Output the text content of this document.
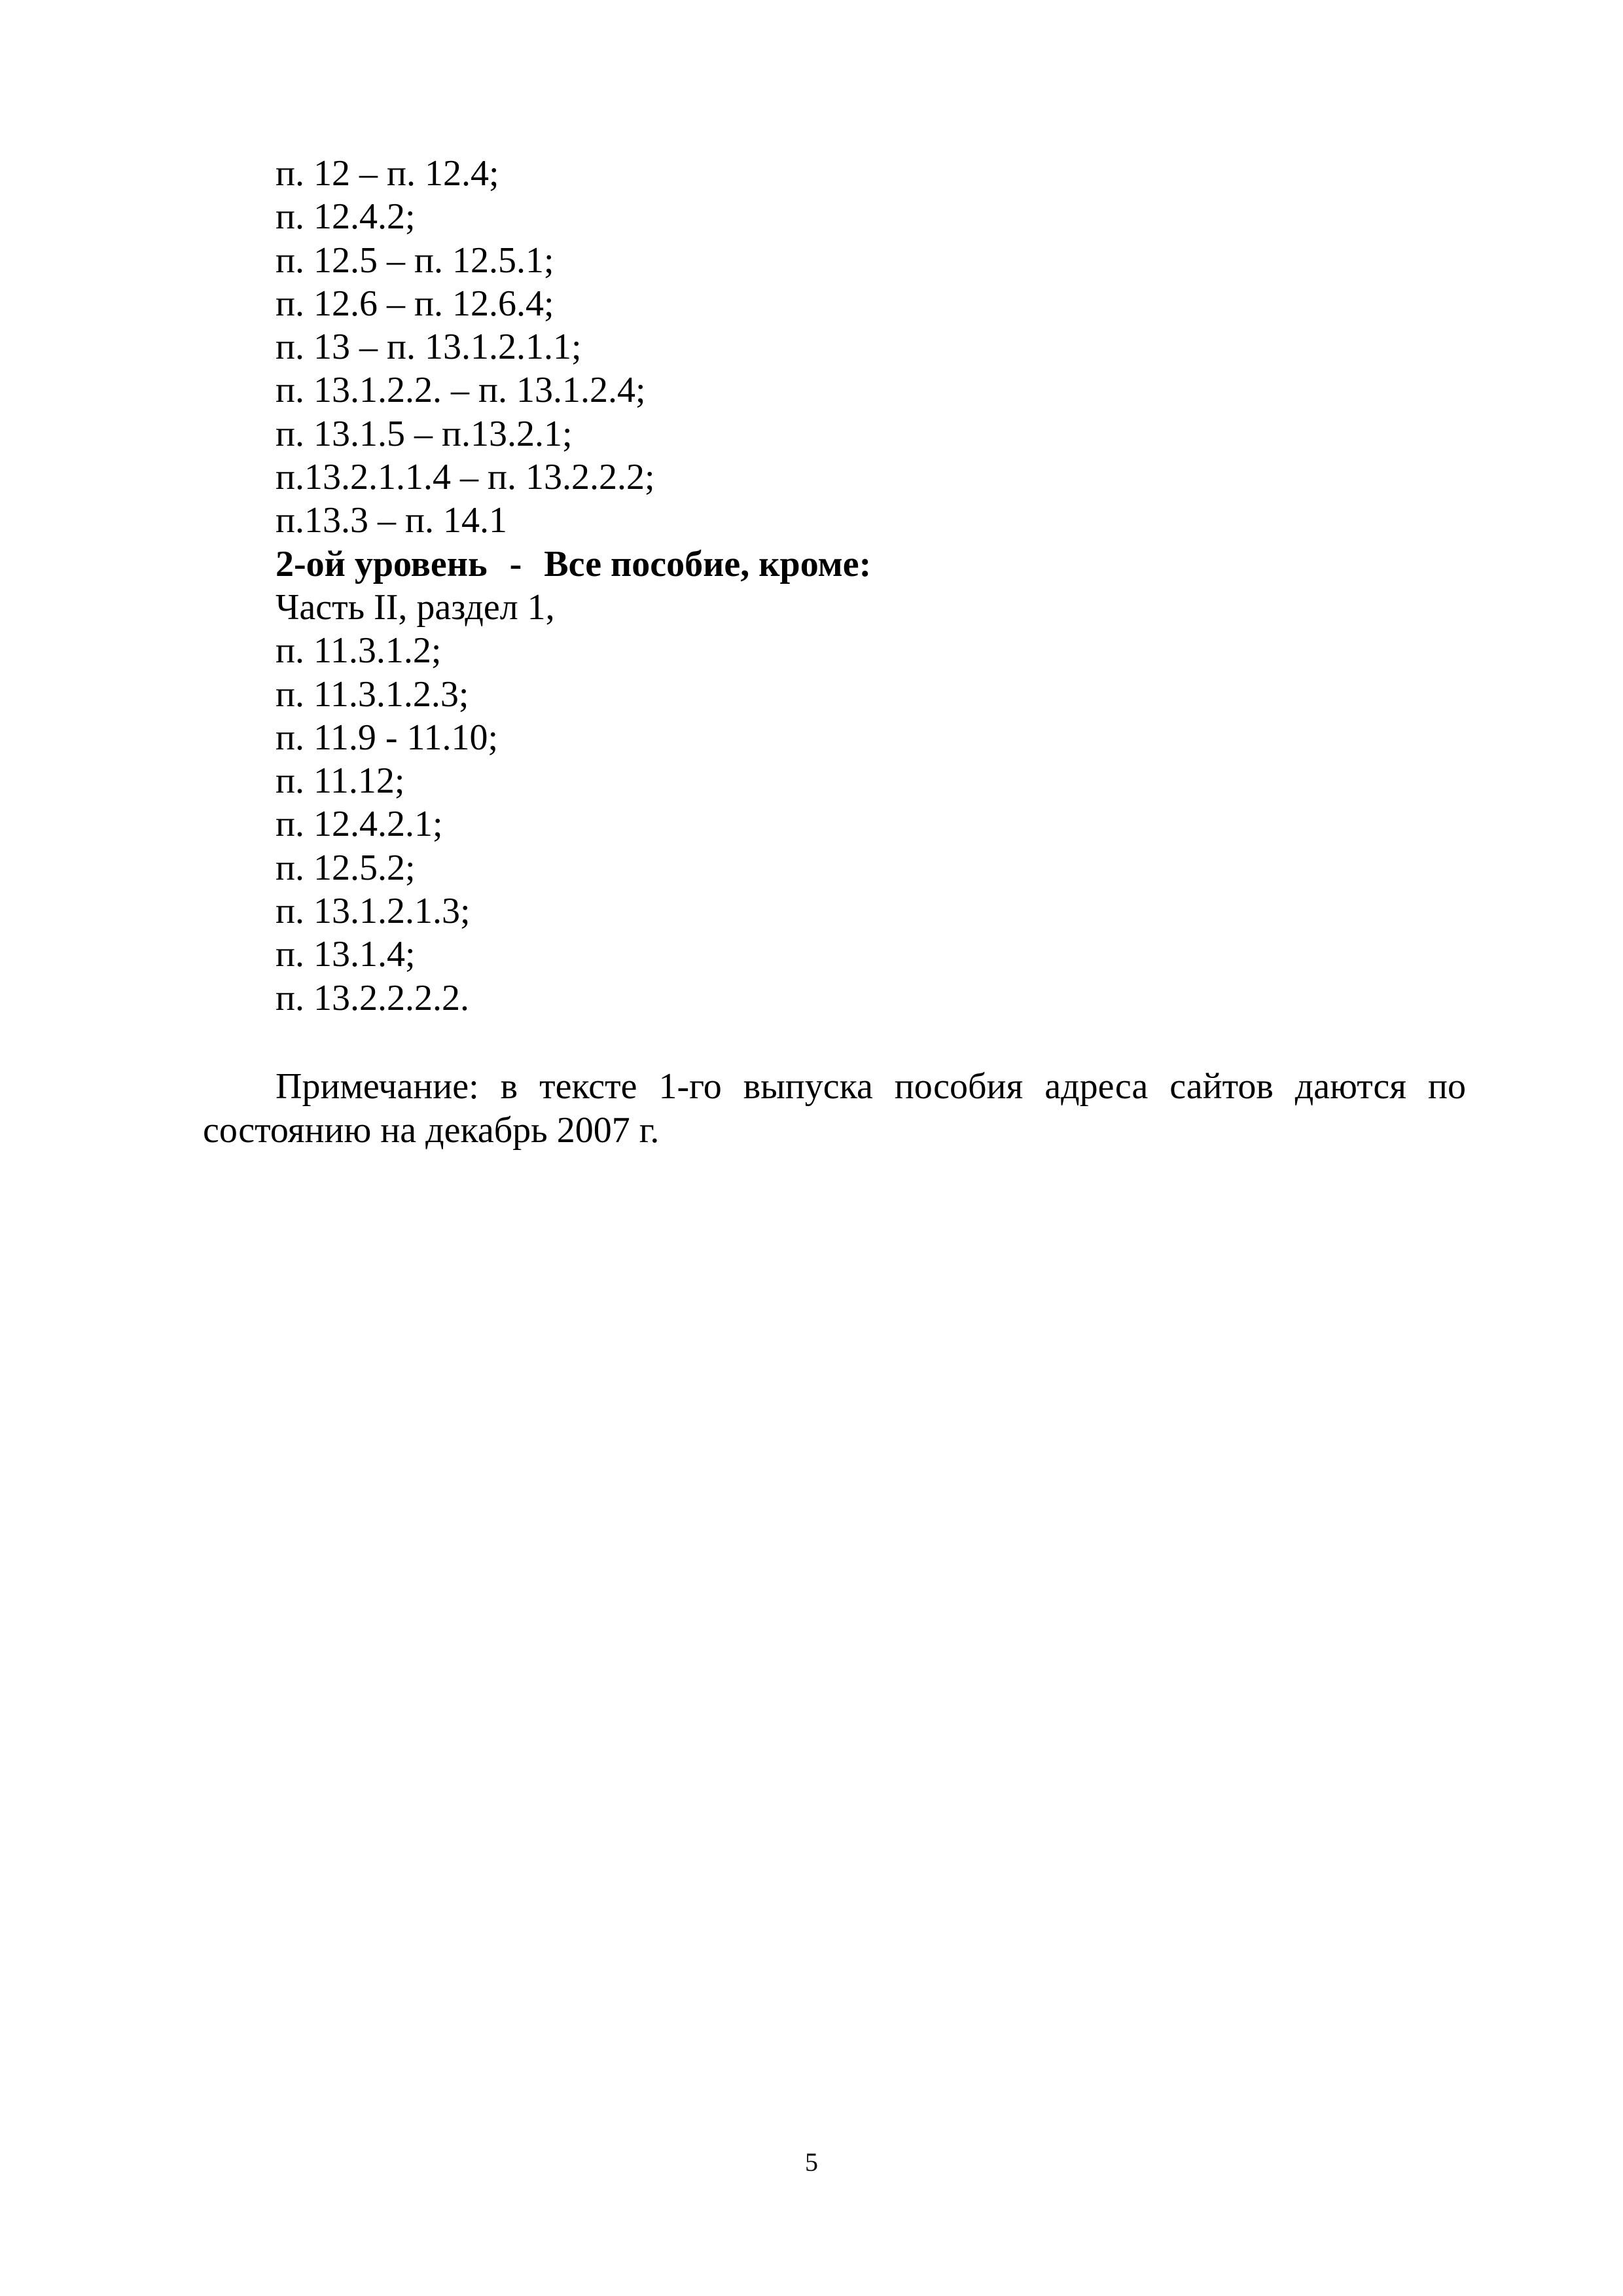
п. 12 – п. 12.4;
п. 12.4.2;
п. 12.5 – п. 12.5.1;
п. 12.6 – п. 12.6.4;
п. 13 – п. 13.1.2.1.1;
п. 13.1.2.2. – п. 13.1.2.4;
п. 13.1.5 – п.13.2.1;
п.13.2.1.1.4 – п. 13.2.2.2;
п.13.3 – п. 14.1
2-ой уровень - Все пособие, кроме:
Часть II, раздел 1,
п. 11.3.1.2;
п. 11.3.1.2.3;
п. 11.9 - 11.10;
п. 11.12;
п. 12.4.2.1;
п. 12.5.2;
п. 13.1.2.1.3;
п. 13.1.4;
п. 13.2.2.2.2.

Примечание: в тексте 1-го выпуска пособия адреса сайтов даются по
состоянию на декабрь 2007 г.

5
